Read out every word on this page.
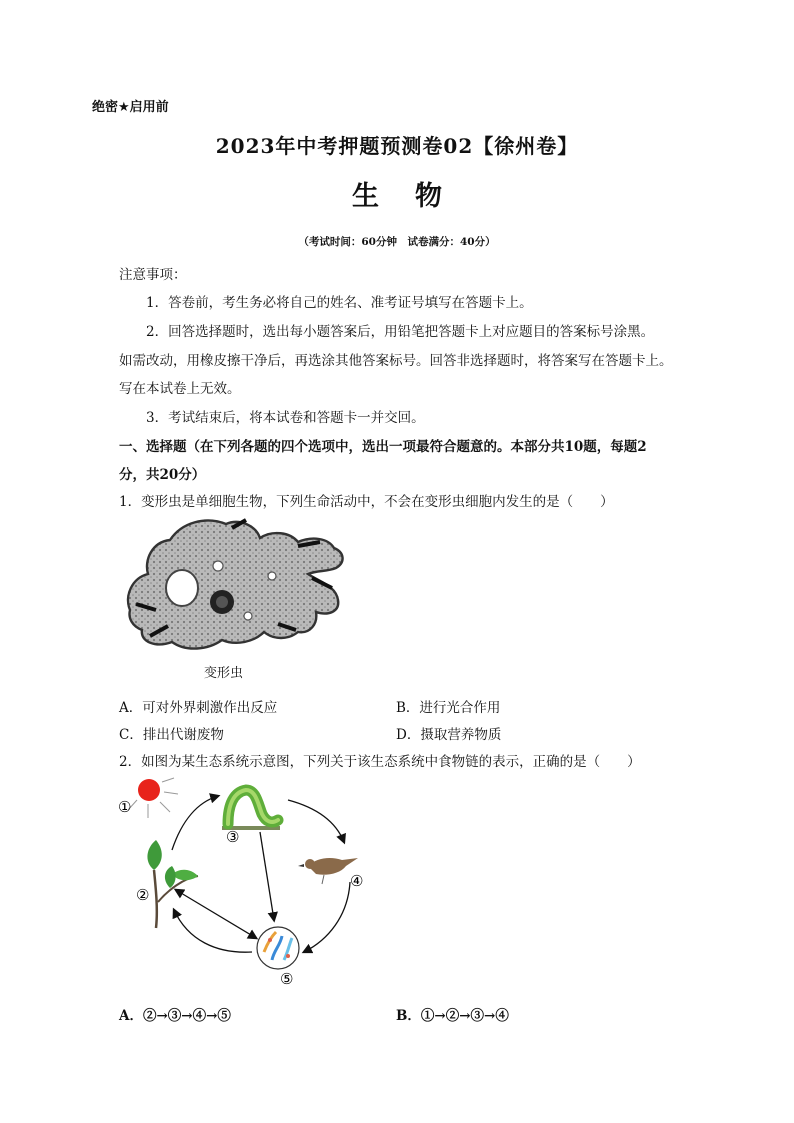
绝密★启用前
2023年中考押题预测卷02【徐州卷】
生 物
（考试时间：60分钟　试卷满分：40分）
注意事项：
1．答卷前，考生务必将自己的姓名、准考证号填写在答题卡上。
2．回答选择题时，选出每小题答案后，用铅笔把答题卡上对应题目的答案标号涂黑。
如需改动，用橡皮擦干净后，再选涂其他答案标号。回答非选择题时，将答案写在答题卡上。
写在本试卷上无效。
3．考试结束后，将本试卷和答题卡一并交回。
一、选择题（在下列各题的四个选项中，选出一项最符合题意的。本部分共10题，每题2
分，共20分）
1．变形虫是单细胞生物，下列生命活动中，不会在变形虫细胞内发生的是（　　）
变形虫
A．可对外界刺激作出反应	B．进行光合作用
C．排出代谢废物	D．摄取营养物质
2．如图为某生态系统示意图，下列关于该生态系统中食物链的表示，正确的是（　　）
①
②
③
④
⑤
A．②→③→④→⑤	B．①→②→③→④
